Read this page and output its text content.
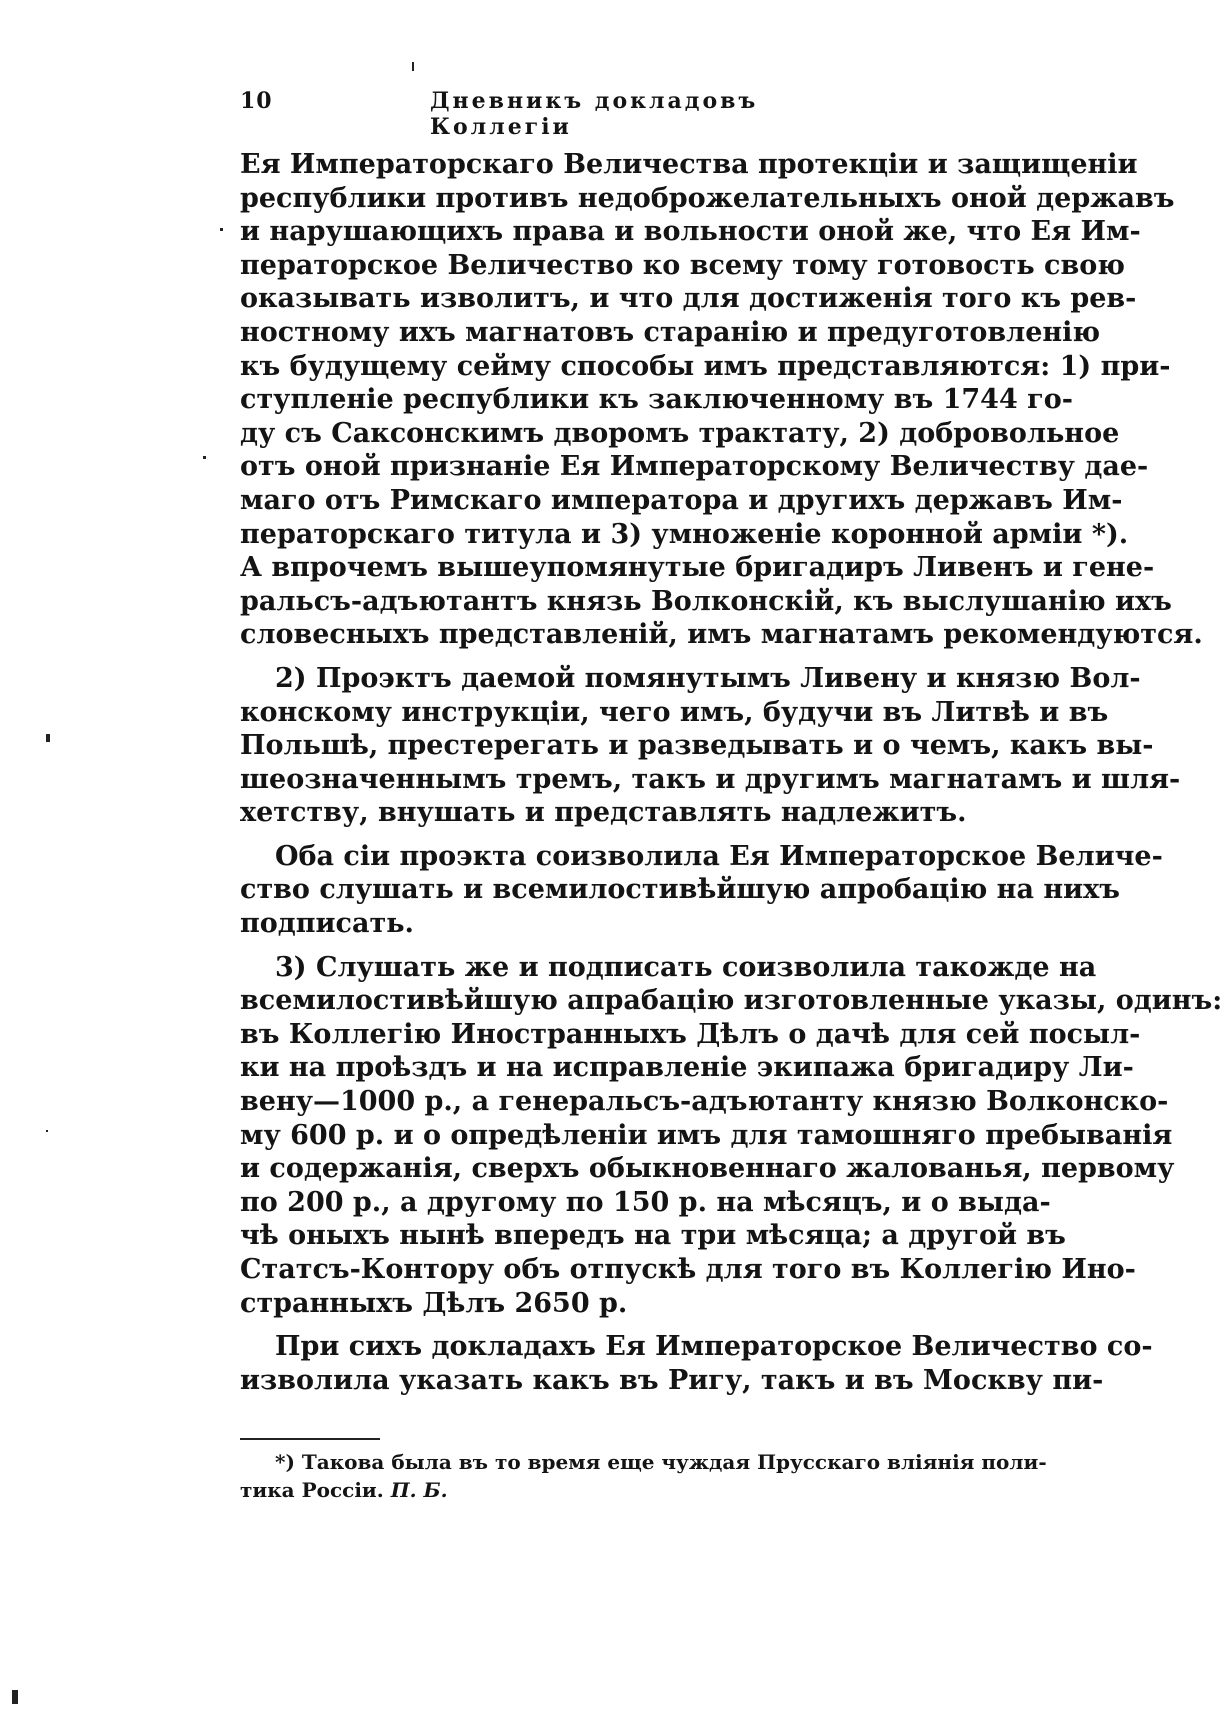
10	Дневникъ докладовъ Коллегіи
Ея Императорскаго Величества протекціи и защищеніи
республики противъ недоброжелательныхъ оной державъ
и нарушающихъ права и вольности оной же, что Ея Им-
ператорское Величество ко всему тому готовость свою
оказывать изволитъ, и что для достиженія того къ рев-
ностному ихъ магнатовъ старанію и предуготовленію
къ будущему сейму способы имъ представляются: 1) при-
ступленіе республики къ заключенному въ 1744 го-
ду съ Саксонскимъ дворомъ трактату, 2) добровольное
отъ оной признаніе Ея Императорскому Величеству дае-
маго отъ Римскаго императора и другихъ державъ Им-
ператорскаго титула и 3) умноженіе коронной арміи *).
А впрочемъ вышеупомянутые бригадиръ Ливенъ и гене-
ральсъ-адъютантъ князь Волконскій, къ выслушанію ихъ
словесныхъ представленій, имъ магнатамъ рекомендуются.
2) Проэктъ даемой помянутымъ Ливену и князю Вол-
конскому инструкціи, чего имъ, будучи въ Литвѣ и въ
Польшѣ, престерегать и разведывать и о чемъ, какъ вы-
шеозначеннымъ тремъ, такъ и другимъ магнатамъ и шля-
хетству, внушать и представлять надлежитъ.
Оба сіи проэкта соизволила Ея Императорское Величе-
ство слушать и всемилостивѣйшую апробацію на нихъ
подписать.
3) Слушать же и подписать соизволила такожде на
всемилостивѣйшую апрабацію изготовленные указы, одинъ:
въ Коллегію Иностранныхъ Дѣлъ о дачѣ для сей посыл-
ки на проѣздъ и на исправленіе экипажа бригадиру Ли-
вену—1000 р., а генеральсъ-адъютанту князю Волконско-
му 600 р. и о опредѣленіи имъ для тамошняго пребыванія
и содержанія, сверхъ обыкновеннаго жалованья, первому
по 200 р., а другому по 150 р. на мѣсяцъ, и о выда-
чѣ оныхъ нынѣ впередъ на три мѣсяца; а другой въ
Статсъ-Контору объ отпускѣ для того въ Коллегію Ино-
странныхъ Дѣлъ 2650 р.
При сихъ докладахъ Ея Императорское Величество со-
изволила указать какъ въ Ригу, такъ и въ Москву пи-
*) Такова была въ то время еще чуждая Прусскаго вліянія поли-
тика Россіи. П. Б.
